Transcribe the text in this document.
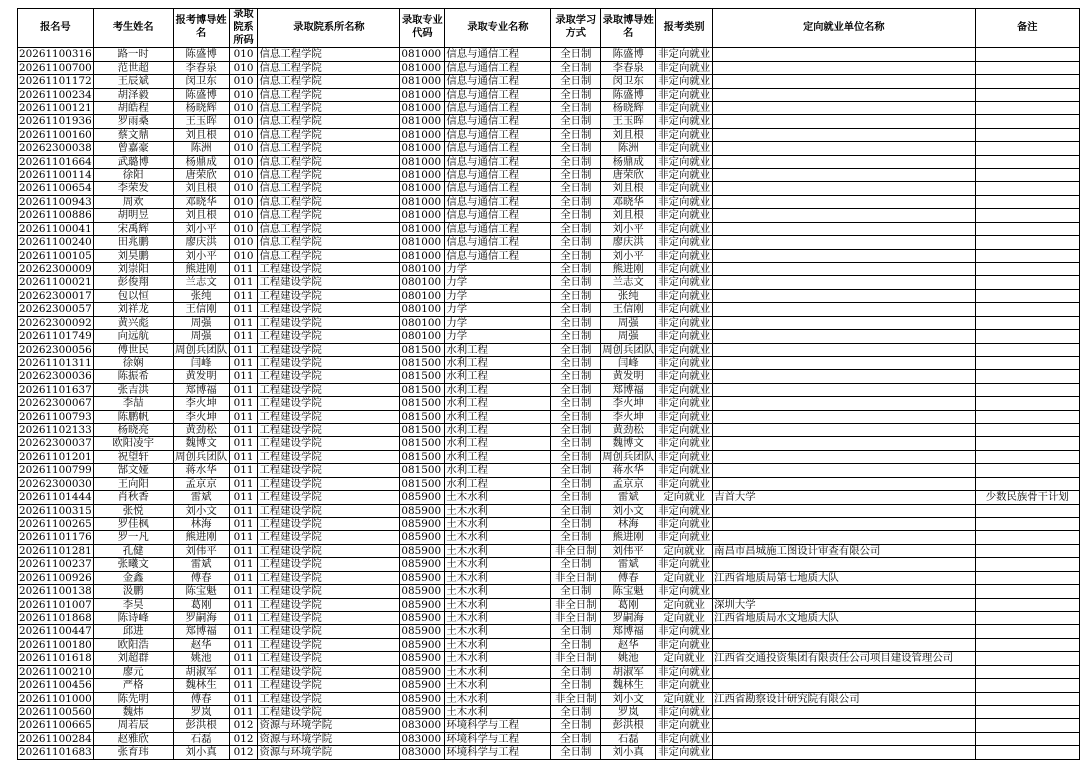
报名号	考生姓名	报考博导姓名	录取院系所码	录取院系所名称	录取专业代码	录取专业名称	录取学习方式	录取博导姓名	报考类别	定向就业单位名称	备注
20261100316	路一时	陈盛博	010	信息工程学院	081000	信息与通信工程	全日制	陈盛博	非定向就业		
20261100700	范世超	李春泉	010	信息工程学院	081000	信息与通信工程	全日制	李春泉	非定向就业		
20261101172	王辰斌	闵卫东	010	信息工程学院	081000	信息与通信工程	全日制	闵卫东	非定向就业		
20261100234	胡泽毅	陈盛博	010	信息工程学院	081000	信息与通信工程	全日制	陈盛博	非定向就业		
20261100121	胡皓程	杨晓辉	010	信息工程学院	081000	信息与通信工程	全日制	杨晓辉	非定向就业		
20261101936	罗雨桑	王玉晖	010	信息工程学院	081000	信息与通信工程	全日制	王玉晖	非定向就业		
20261100160	蔡文鼎	刘且根	010	信息工程学院	081000	信息与通信工程	全日制	刘且根	非定向就业		
20262300038	曾嘉豪	陈洲	010	信息工程学院	081000	信息与通信工程	全日制	陈洲	非定向就业		
20261101664	武璐博	杨鼎成	010	信息工程学院	081000	信息与通信工程	全日制	杨鼎成	非定向就业		
20261100114	徐阳	唐荣欣	010	信息工程学院	081000	信息与通信工程	全日制	唐荣欣	非定向就业		
20261100654	李荣发	刘且根	010	信息工程学院	081000	信息与通信工程	全日制	刘且根	非定向就业		
20261100943	周欢	邓晓华	010	信息工程学院	081000	信息与通信工程	全日制	邓晓华	非定向就业		
20261100886	胡明昱	刘且根	010	信息工程学院	081000	信息与通信工程	全日制	刘且根	非定向就业		
20261100041	宋禹辉	刘小平	010	信息工程学院	081000	信息与通信工程	全日制	刘小平	非定向就业		
20261100240	田兆鹏	廖庆洪	010	信息工程学院	081000	信息与通信工程	全日制	廖庆洪	非定向就业		
20261100105	刘昊鹏	刘小平	010	信息工程学院	081000	信息与通信工程	全日制	刘小平	非定向就业		
20262300009	刘崇阳	熊进刚	011	工程建设学院	080100	力学	全日制	熊进刚	非定向就业		
20261100021	彭俊翔	兰志文	011	工程建设学院	080100	力学	全日制	兰志文	非定向就业		
20262300017	包以恒	张纯	011	工程建设学院	080100	力学	全日制	张纯	非定向就业		
20262300057	刘祥龙	王信刚	011	工程建设学院	080100	力学	全日制	王信刚	非定向就业		
20262300092	黄兴彪	周强	011	工程建设学院	080100	力学	全日制	周强	非定向就业		
20261101749	向远航	周强	011	工程建设学院	080100	力学	全日制	周强	非定向就业		
20262300056	傅世民	周创兵团队	011	工程建设学院	081500	水利工程	全日制	周创兵团队	非定向就业		
20261101311	徐娴	闫峰	011	工程建设学院	081500	水利工程	全日制	闫峰	非定向就业		
20262300036	陈振希	黄发明	011	工程建设学院	081500	水利工程	全日制	黄发明	非定向就业		
20261101637	张吉洪	郑博福	011	工程建设学院	081500	水利工程	全日制	郑博福	非定向就业		
20262300067	李喆	李火坤	011	工程建设学院	081500	水利工程	全日制	李火坤	非定向就业		
20261100793	陈鹏帆	李火坤	011	工程建设学院	081500	水利工程	全日制	李火坤	非定向就业		
20261102133	杨晓亮	黄劲松	011	工程建设学院	081500	水利工程	全日制	黄劲松	非定向就业		
20262300037	欧阳凌宇	魏博文	011	工程建设学院	081500	水利工程	全日制	魏博文	非定向就业		
20261101201	祝望轩	周创兵团队	011	工程建设学院	081500	水利工程	全日制	周创兵团队	非定向就业		
20261100799	郜文娅	蒋水华	011	工程建设学院	081500	水利工程	全日制	蒋水华	非定向就业		
20262300030	王向阳	孟京京	011	工程建设学院	081500	水利工程	全日制	孟京京	非定向就业		
20261101444	肖秋香	雷斌	011	工程建设学院	085900	土木水利	全日制	雷斌	定向就业	吉首大学	少数民族骨干计划
20261100315	张悦	刘小文	011	工程建设学院	085900	土木水利	全日制	刘小文	非定向就业		
20261100265	罗佳枫	林海	011	工程建设学院	085900	土木水利	全日制	林海	非定向就业		
20261101176	罗一凡	熊进刚	011	工程建设学院	085900	土木水利	全日制	熊进刚	非定向就业		
20261101281	孔健	刘伟平	011	工程建设学院	085900	土木水利	非全日制	刘伟平	定向就业	南昌市昌城施工图设计审查有限公司	
20261100237	张曦文	雷斌	011	工程建设学院	085900	土木水利	全日制	雷斌	非定向就业		
20261100926	金鑫	傅春	011	工程建设学院	085900	土木水利	非全日制	傅春	定向就业	江西省地质局第七地质大队	
20261100138	汲鹏	陈宝魁	011	工程建设学院	085900	土木水利	全日制	陈宝魁	非定向就业		
20261101007	李昊	葛刚	011	工程建设学院	085900	土木水利	非全日制	葛刚	定向就业	深圳大学	
20261101868	陈诗峰	罗嗣海	011	工程建设学院	085900	土木水利	非全日制	罗嗣海	定向就业	江西省地质局水文地质大队	
20261100447	邱进	郑博福	011	工程建设学院	085900	土木水利	全日制	郑博福	非定向就业		
20261100180	欧阳浩	赵华	011	工程建设学院	085900	土木水利	全日制	赵华	非定向就业		
20261101618	刘超群	姚池	011	工程建设学院	085900	土木水利	非全日制	姚池	定向就业	江西省交通投资集团有限责任公司项目建设管理公司	
20261100210	廖元	胡淑军	011	工程建设学院	085900	土木水利	全日制	胡淑军	非定向就业		
20261100456	严格	魏林生	011	工程建设学院	085900	土木水利	全日制	魏林生	非定向就业		
20261101000	陈先明	傅春	011	工程建设学院	085900	土木水利	非全日制	刘小文	定向就业	江西省勘察设计研究院有限公司	
20261100560	魏炜	罗岚	011	工程建设学院	085900	土木水利	全日制	罗岚	非定向就业		
20261100665	周若辰	彭洪根	012	资源与环境学院	083000	环境科学与工程	全日制	彭洪根	非定向就业		
20261100284	赵雅欣	石磊	012	资源与环境学院	083000	环境科学与工程	全日制	石磊	非定向就业		
20261101683	张育玮	刘小真	012	资源与环境学院	083000	环境科学与工程	全日制	刘小真	非定向就业		
